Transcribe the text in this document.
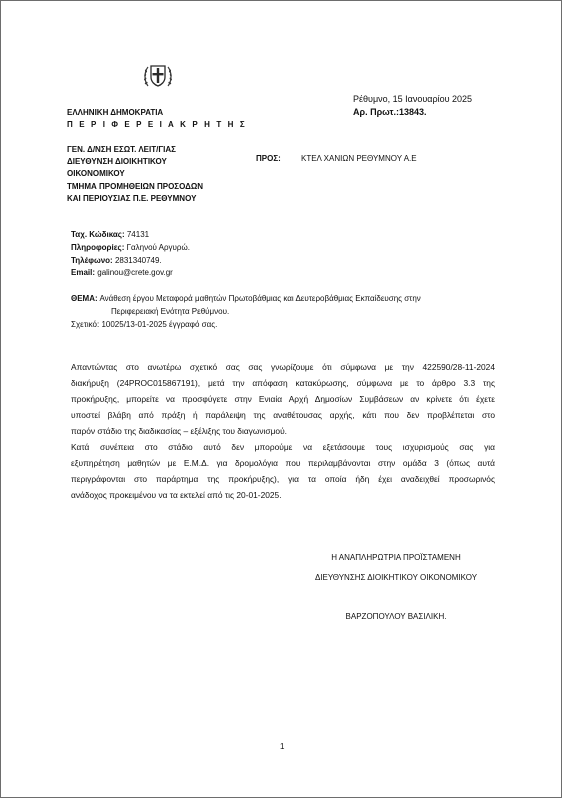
ΕΛΛΗΝΙΚΗ ΔΗΜΟΚΡΑΤΙΑ
Π Ε Ρ Ι Φ Ε Ρ Ε Ι Α Κ Ρ Η Τ Η Σ
Ρέθυμνο, 15 Ιανουαρίου 2025
Αρ. Πρωτ.:13843.
ΓΕΝ. Δ/ΝΣΗ ΕΣΩΤ. ΛΕΙΤ/ΓΙΑΣ
ΔΙΕΥΘΥΝΣΗ ΔΙΟΙΚΗΤΙΚΟΥ
ΟΙΚΟΝΟΜΙΚΟΥ
ΤΜΗΜΑ ΠΡΟΜΗΘΕΙΩΝ ΠΡΟΣΟΔΩΝ
ΚΑΙ ΠΕΡΙΟΥΣΙΑΣ Π.Ε. ΡΕΘΥΜΝΟΥ
ΠΡΟΣ:	ΚΤΕΛ ΧΑΝΙΩΝ ΡΕΘΥΜΝΟΥ Α.Ε
Ταχ. Κώδικας: 74131
Πληροφορίες: Γαληνού Αργυρώ.
Τηλέφωνο: 2831340749.
Email: galinou@crete.gov.gr
ΘΕΜΑ: Ανάθεση έργου Μεταφορά μαθητών Πρωτοβάθμιας και Δευτεροβάθμιας Εκπαίδευσης στην
Περιφερειακή Ενότητα Ρεθύμνου.
Σχετικό: 10025/13-01-2025 έγγραφό σας.

Απαντώντας στο ανωτέρω σχετικό σας σας γνωρίζουμε ότι σύμφωνα με την 422590/28-11-2024

διακήρυξη (24PROC015867191), μετά την απόφαση κατακύρωσης, σύμφωνα με το άρθρο 3.3 της

προκήρυξης, μπορείτε να προσφύγετε στην Ενιαία Αρχή Δημοσίων Συμβάσεων αν κρίνετε ότι έχετε

υποστεί βλάβη από πράξη ή παράλειψη της αναθέτουσας αρχής, κάτι που δεν προβλέπεται στο

παρόν στάδιο της διαδικασίας – εξέλιξης του διαγωνισμού.

Κατά συνέπεια στο στάδιο αυτό δεν μπορούμε να εξετάσουμε τους ισχυρισμούς σας για

εξυπηρέτηση μαθητών με Ε.Μ.Δ. για δρομολόγια που περιλαμβάνονται στην ομάδα 3 (όπως αυτά

περιγράφονται στο παράρτημα της προκήρυξης), για τα οποία ήδη έχει αναδειχθεί προσωρινός

ανάδοχος προκειμένου να τα εκτελεί από τις 20-01-2025.

Η ΑΝΑΠΛΗΡΩΤΡΙΑ ΠΡΟΪΣΤΑΜΕΝΗ
ΔΙΕΥΘΥΝΣΗΣ ΔΙΟΙΚΗΤΙΚΟΥ ΟΙΚΟΝΟΜΙΚΟΥ
ΒΑΡΖΟΠΟΥΛΟΥ ΒΑΣΙΛΙΚΗ.
1
